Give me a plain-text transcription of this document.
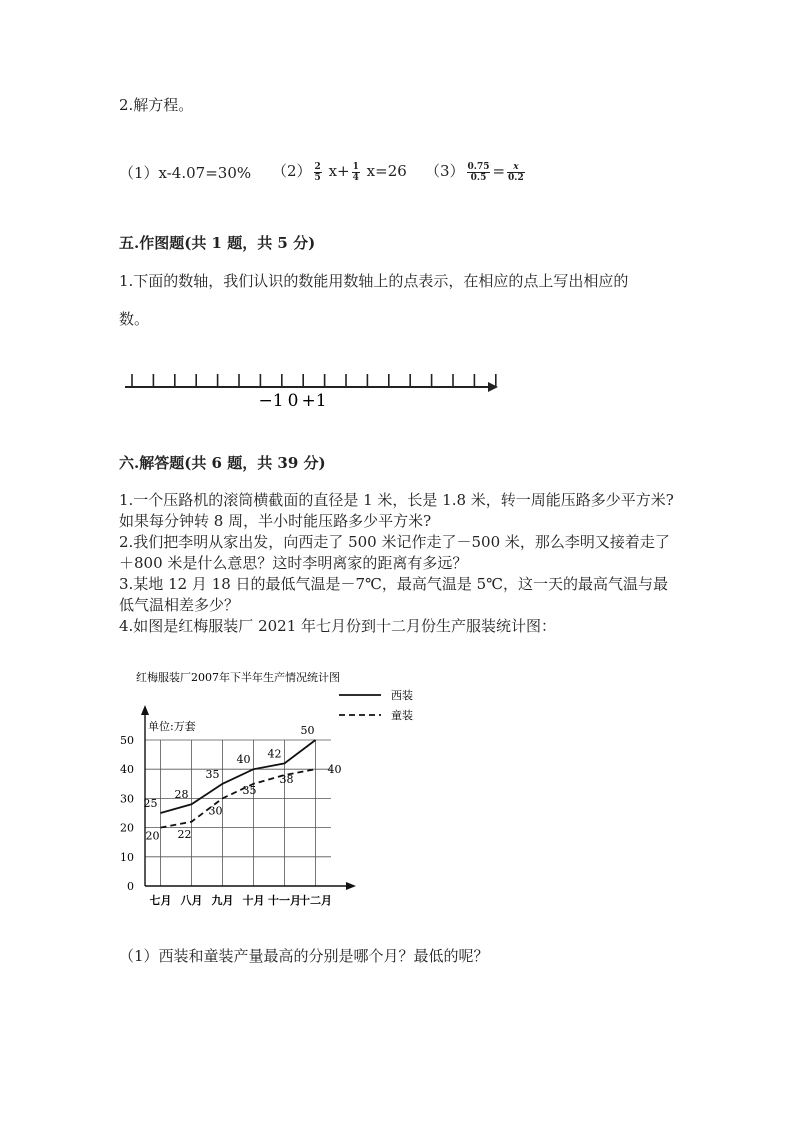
2.解方程。
（1）x-4.07=30% $(2) \frac{2}{5} x+ \frac{1}{4} x=26$ $(3) \frac{0.75}{0.5} = \frac{x}{0.2}$
五.作图题(共 1 题，共 5 分)
1.下面的数轴，我们认识的数能用数轴上的点表示，在相应的点上写出相应的
数。
−1 0 +1
六.解答题(共 6 题，共 39 分)
1.一个压路机的滚筒横截面的直径是 1 米，长是 1.8 米，转一周能压路多少平方米?如果每分钟转 8 周，半小时能压路多少平方米?
2.我们把李明从家出发，向西走了 500 米记作走了－500 米，那么李明又接着走了＋800 米是什么意思？这时李明离家的距离有多远？
3.某地 12 月 18 日的最低气温是－7℃，最高气温是 5℃，这一天的最高气温与最低气温相差多少？
4.如图是红梅服装厂 2021 年七月份到十二月份生产服装统计图：
红梅服装厂2007年下半年生产情况统计图
单位:万套
0
10
20
30
40
50
七月 八月 九月 十月 十一月
十二月
25
28
35
40 42
50
20 22
30
35
38
40
西装
童装
（1）西装和童装产量最高的分别是哪个月？最低的呢？
